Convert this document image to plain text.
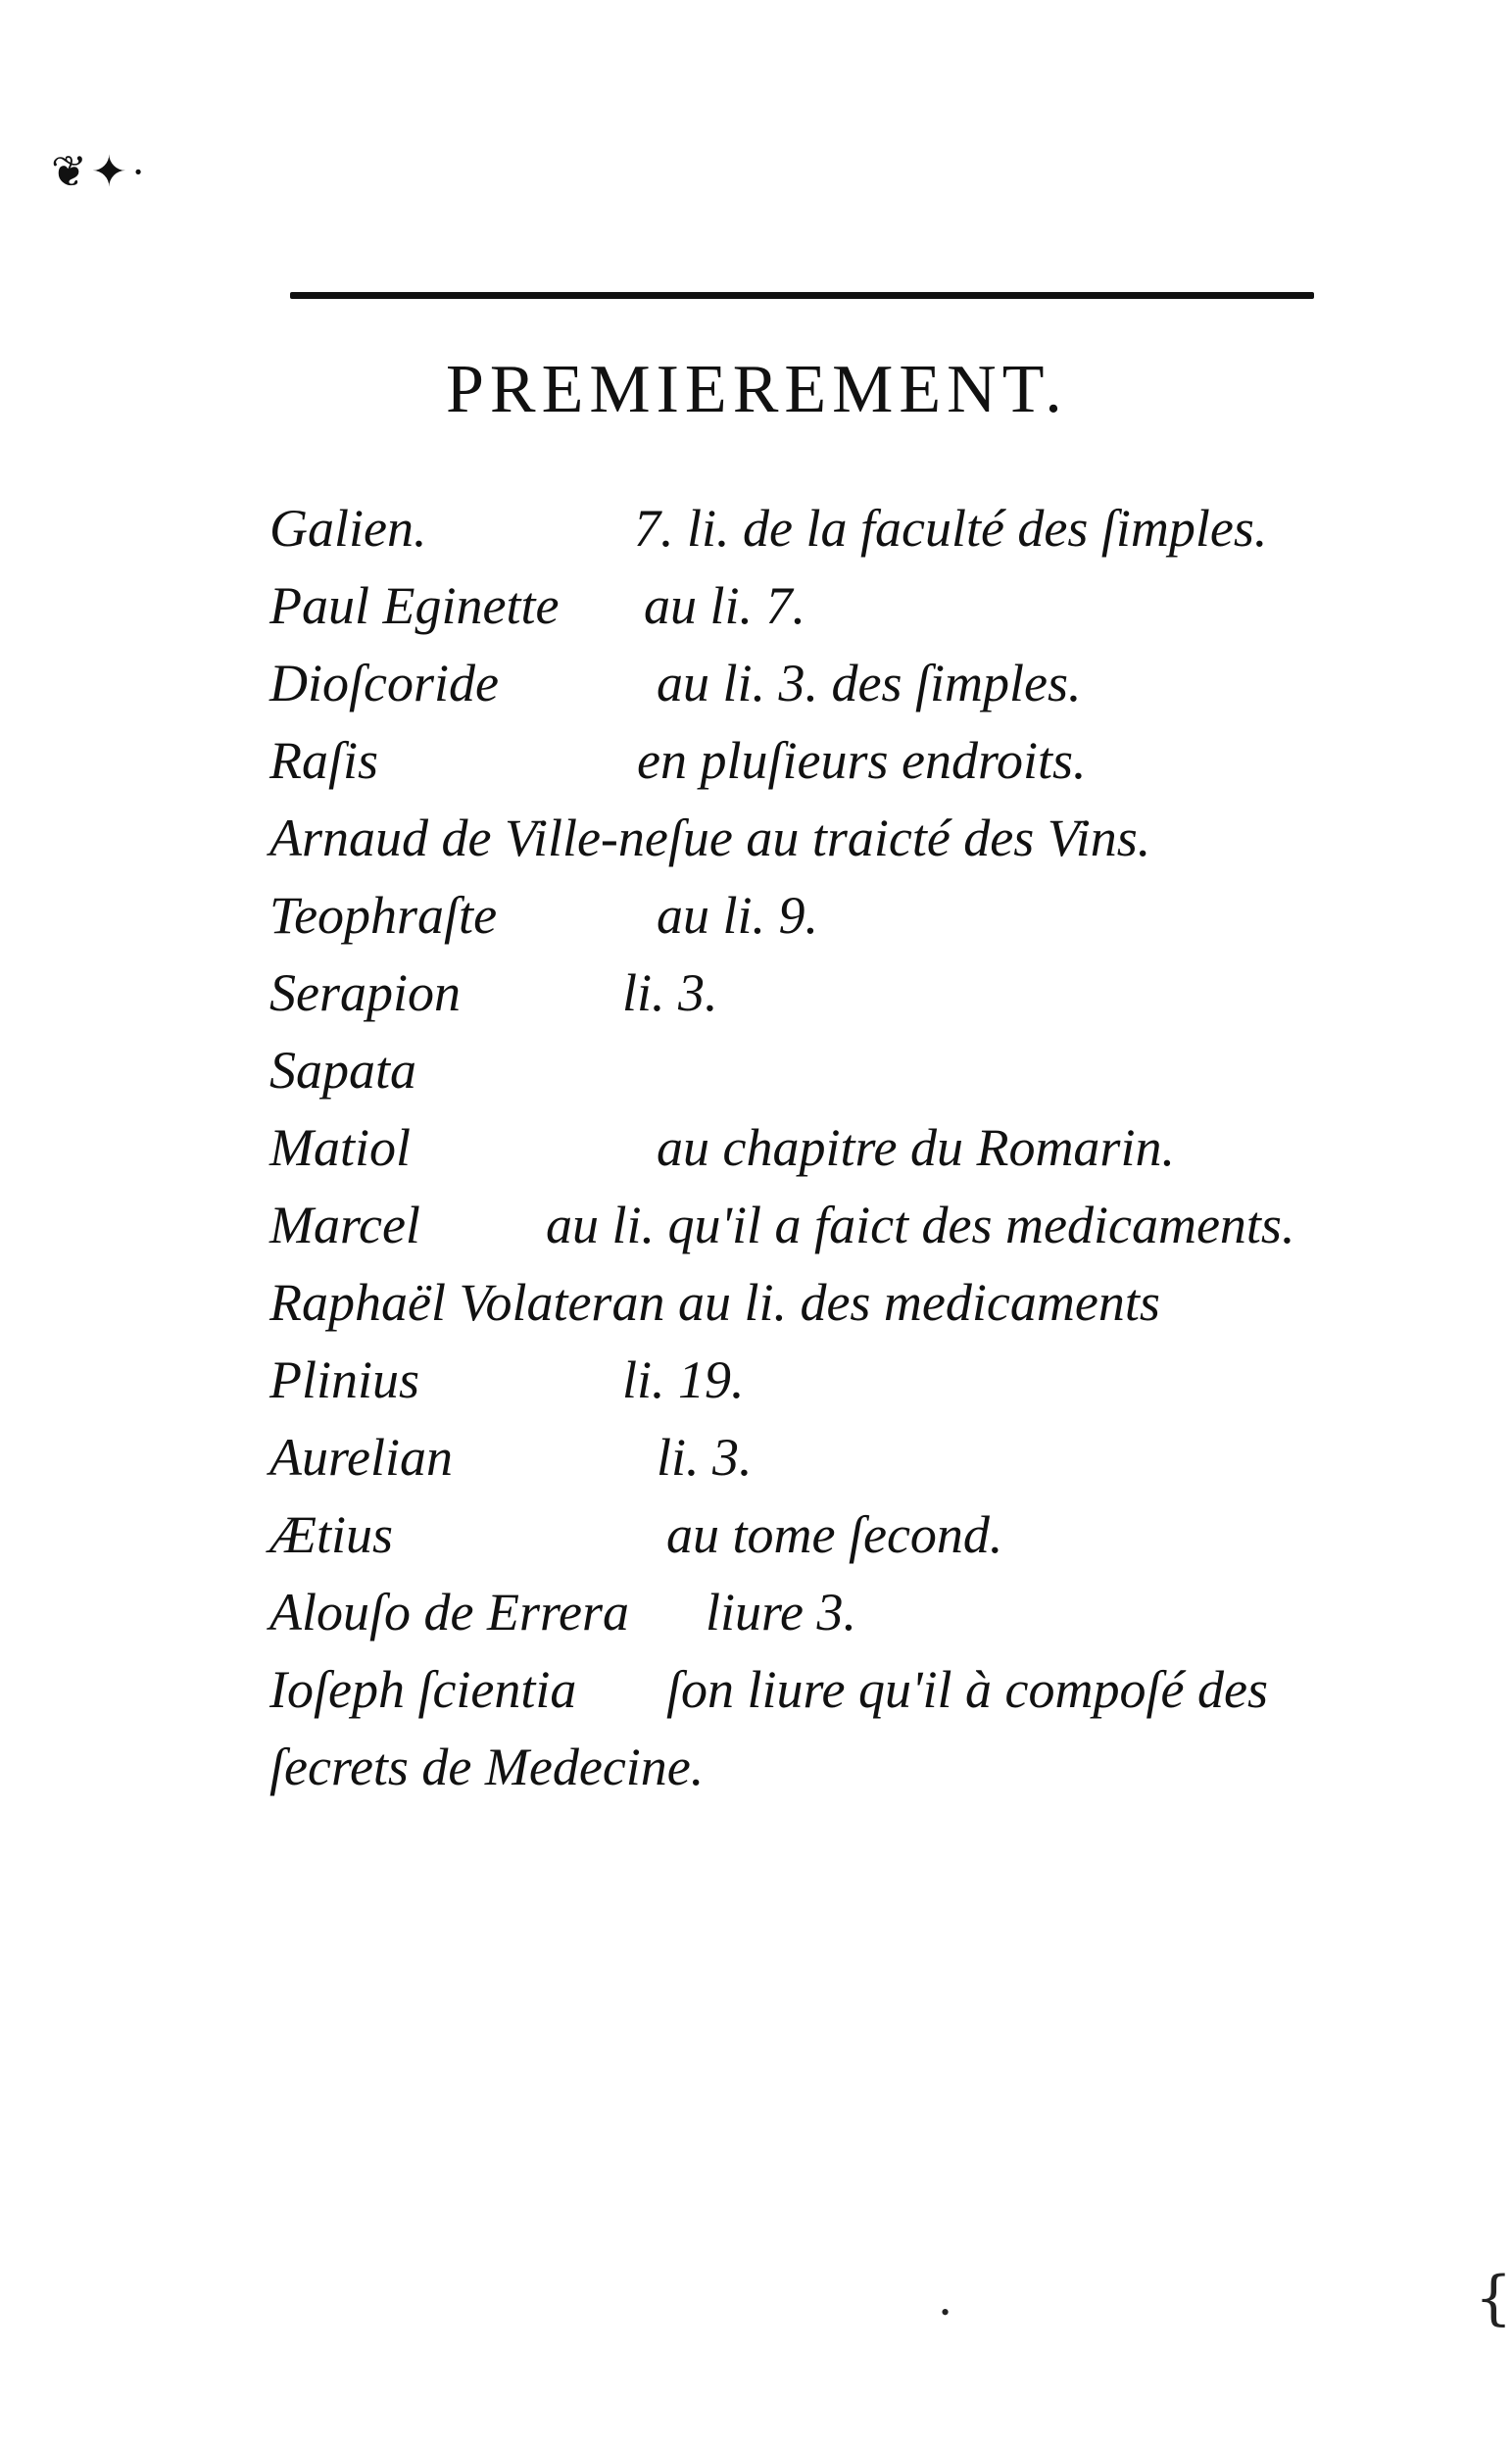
❦✦·
PREMIEREMENT.
Galien.	7. li. de la faculté des ſimples.
Paul Eginette au li. 7.
Dioſcoride	au li. 3. des ſimples.
Raſis	en pluſieurs endroits.
Arnaud de Ville-neſue au traicté des Vins.
Teophraſte	au li. 9.
Serapion	li. 3.
Sapata
Matiol	au chapitre du Romarin.
Marcel au li. qu'il a faict des medicaments.
Raphaël Volateran au li. des medicaments
Plinius	li. 19.
Aurelian	li. 3.
Ætius	au tome ſecond.
Alouſo de Errera liure 3.
Ioſeph ſcientia ſon liure qu'il à compoſé des
ſecrets de Medecine.
•	{
